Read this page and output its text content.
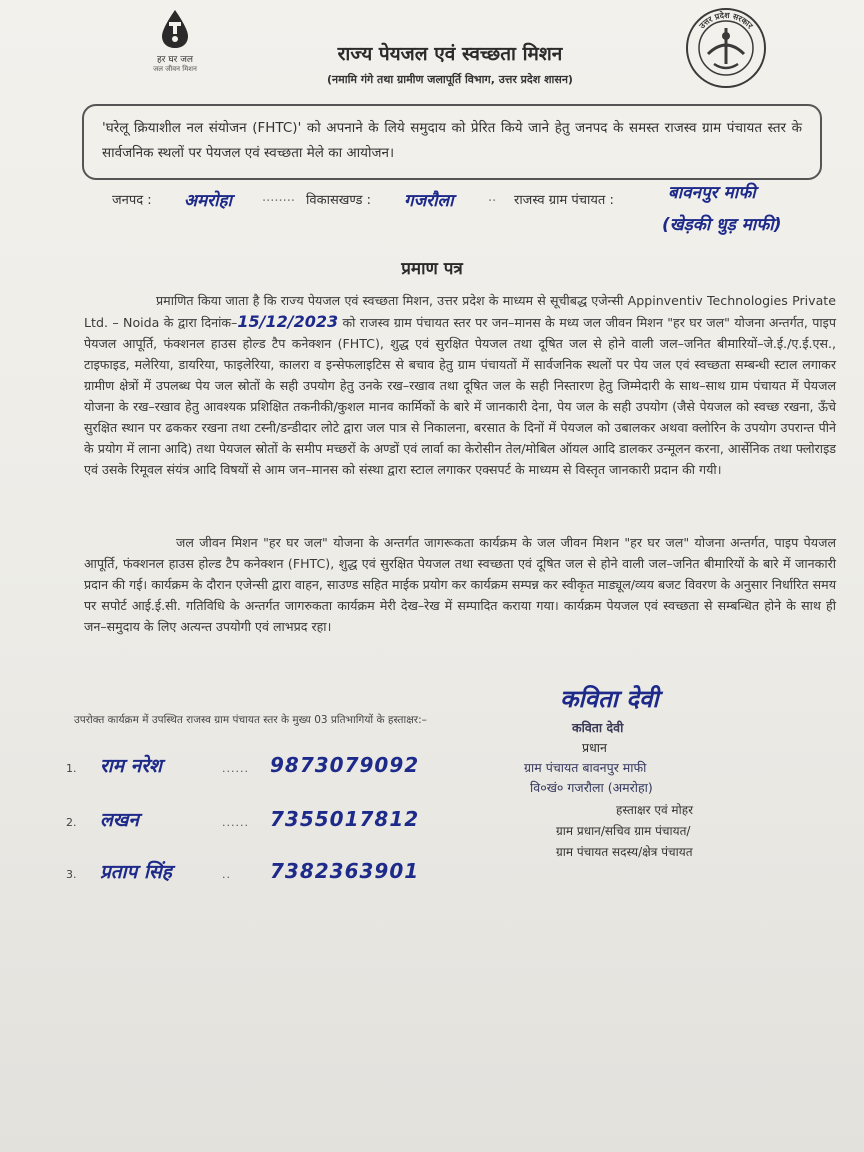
हर घर जल
जल जीवन मिशन
राज्य पेयजल एवं स्वच्छता मिशन
(नमामि गंगे तथा ग्रामीण जलापूर्ति विभाग, उत्तर प्रदेश शासन)
उत्तर प्रदेश सरकार
'घरेलू क्रियाशील नल संयोजन (FHTC)' को अपनाने के लिये समुदाय को प्रेरित किये जाने हेतु जनपद के समस्त राजस्व ग्राम पंचायत स्तर के सार्वजनिक स्थलों पर पेयजल एवं स्वच्छता मेले का आयोजन।
जनपद : अमरोहा ........ विकासखण्ड : गजरौला	.. राजस्व ग्राम पंचायत :	बावनपुर माफी
(खेड़की धुड़ माफी)
प्रमाण पत्र
प्रमाणित किया जाता है कि राज्य पेयजल एवं स्वच्छता मिशन, उत्तर प्रदेश के माध्यम से सूचीबद्ध एजेन्सी Appinventiv Technologies Private Ltd. – Noida के द्वारा दिनांक–15/12/2023 को राजस्व ग्राम पंचायत स्तर पर जन–मानस के मध्य जल जीवन मिशन "हर घर जल" योजना अन्तर्गत, पाइप पेयजल आपूर्ति, फंक्शनल हाउस होल्ड टैप कनेक्शन (FHTC), शुद्ध एवं सुरक्षित पेयजल तथा दूषित जल से होने वाली जल–जनित बीमारियों–जे.ई./ए.ई.एस., टाइफाइड, मलेरिया, डायरिया, फाइलेरिया, कालरा व इन्सेफलाइटिस से बचाव हेतु ग्राम पंचायतों में सार्वजनिक स्थलों पर पेय जल एवं स्वच्छता सम्बन्धी स्टाल लगाकर ग्रामीण क्षेत्रों में उपलब्ध पेय जल स्रोतों के सही उपयोग हेतु उनके रख–रखाव तथा दूषित जल के सही निस्तारण हेतु जिम्मेदारी के साथ–साथ ग्राम पंचायत में पेयजल योजना के रख–रखाव हेतु आवश्यक प्रशिक्षित तकनीकी/कुशल मानव कार्मिकों के बारे में जानकारी देना, पेय जल के सही उपयोग (जैसे पेयजल को स्वच्छ रखना, ऊँचे सुरक्षित स्थान पर ढककर रखना तथा टस्नी/डन्डीदार लोटे द्वारा जल पात्र से निकालना, बरसात के दिनों में पेयजल को उबालकर अथवा क्लोरिन के उपयोग उपरान्त पीने के प्रयोग में लाना आदि) तथा पेयजल स्रोतों के समीप मच्छरों के अण्डों एवं लार्वा का केरोसीन तेल/मोबिल ऑयल आदि डालकर उन्मूलन करना, आर्सेनिक तथा फ्लोराइड एवं उसके रिमूवल संयंत्र आदि विषयों से आम जन–मानस को संस्था द्वारा स्टाल लगाकर एक्सपर्ट के माध्यम से विस्तृत जानकारी प्रदान की गयी।
जल जीवन मिशन "हर घर जल" योजना के अन्तर्गत जागरूकता कार्यक्रम के जल जीवन मिशन "हर घर जल" योजना अन्तर्गत, पाइप पेयजल आपूर्ति, फंक्शनल हाउस होल्ड टैप कनेक्शन (FHTC), शुद्ध एवं सुरक्षित पेयजल तथा स्वच्छता एवं दूषित जल से होने वाली जल–जनित बीमारियों के बारे में जानकारी प्रदान की गई। कार्यक्रम के दौरान एजेन्सी द्वारा वाहन, साउण्ड सहित माईक प्रयोग कर कार्यक्रम सम्पन्न कर स्वीकृत माड्यूल/व्यय बजट विवरण के अनुसार निर्धारित समय पर सपोर्ट आई.ई.सी. गतिविधि के अन्तर्गत जागरुकता कार्यक्रम मेरी देख–रेख में सम्पादित कराया गया। कार्यक्रम पेयजल एवं स्वच्छता से सम्बन्धित होने के साथ ही जन–समुदाय के लिए अत्यन्त उपयोगी एवं लाभप्रद रहा।
उपरोक्त कार्यक्रम में उपस्थित राजस्व ग्राम पंचायत स्तर के मुख्य 03 प्रतिभागियों के हस्ताक्षर:–
1. राम नरेश	...... 9873079092
2. लखन	...... 7355017812
3. प्रताप सिंह	.. 7382363901
कविता देवी
कविता देवी
प्रधान
ग्राम पंचायत बावनपुर माफी
वि०खं० गजरौला (अमरोहा)
हस्ताक्षर एवं मोहर
ग्राम प्रधान/सचिव ग्राम पंचायत/
ग्राम पंचायत सदस्य/क्षेत्र पंचायत
